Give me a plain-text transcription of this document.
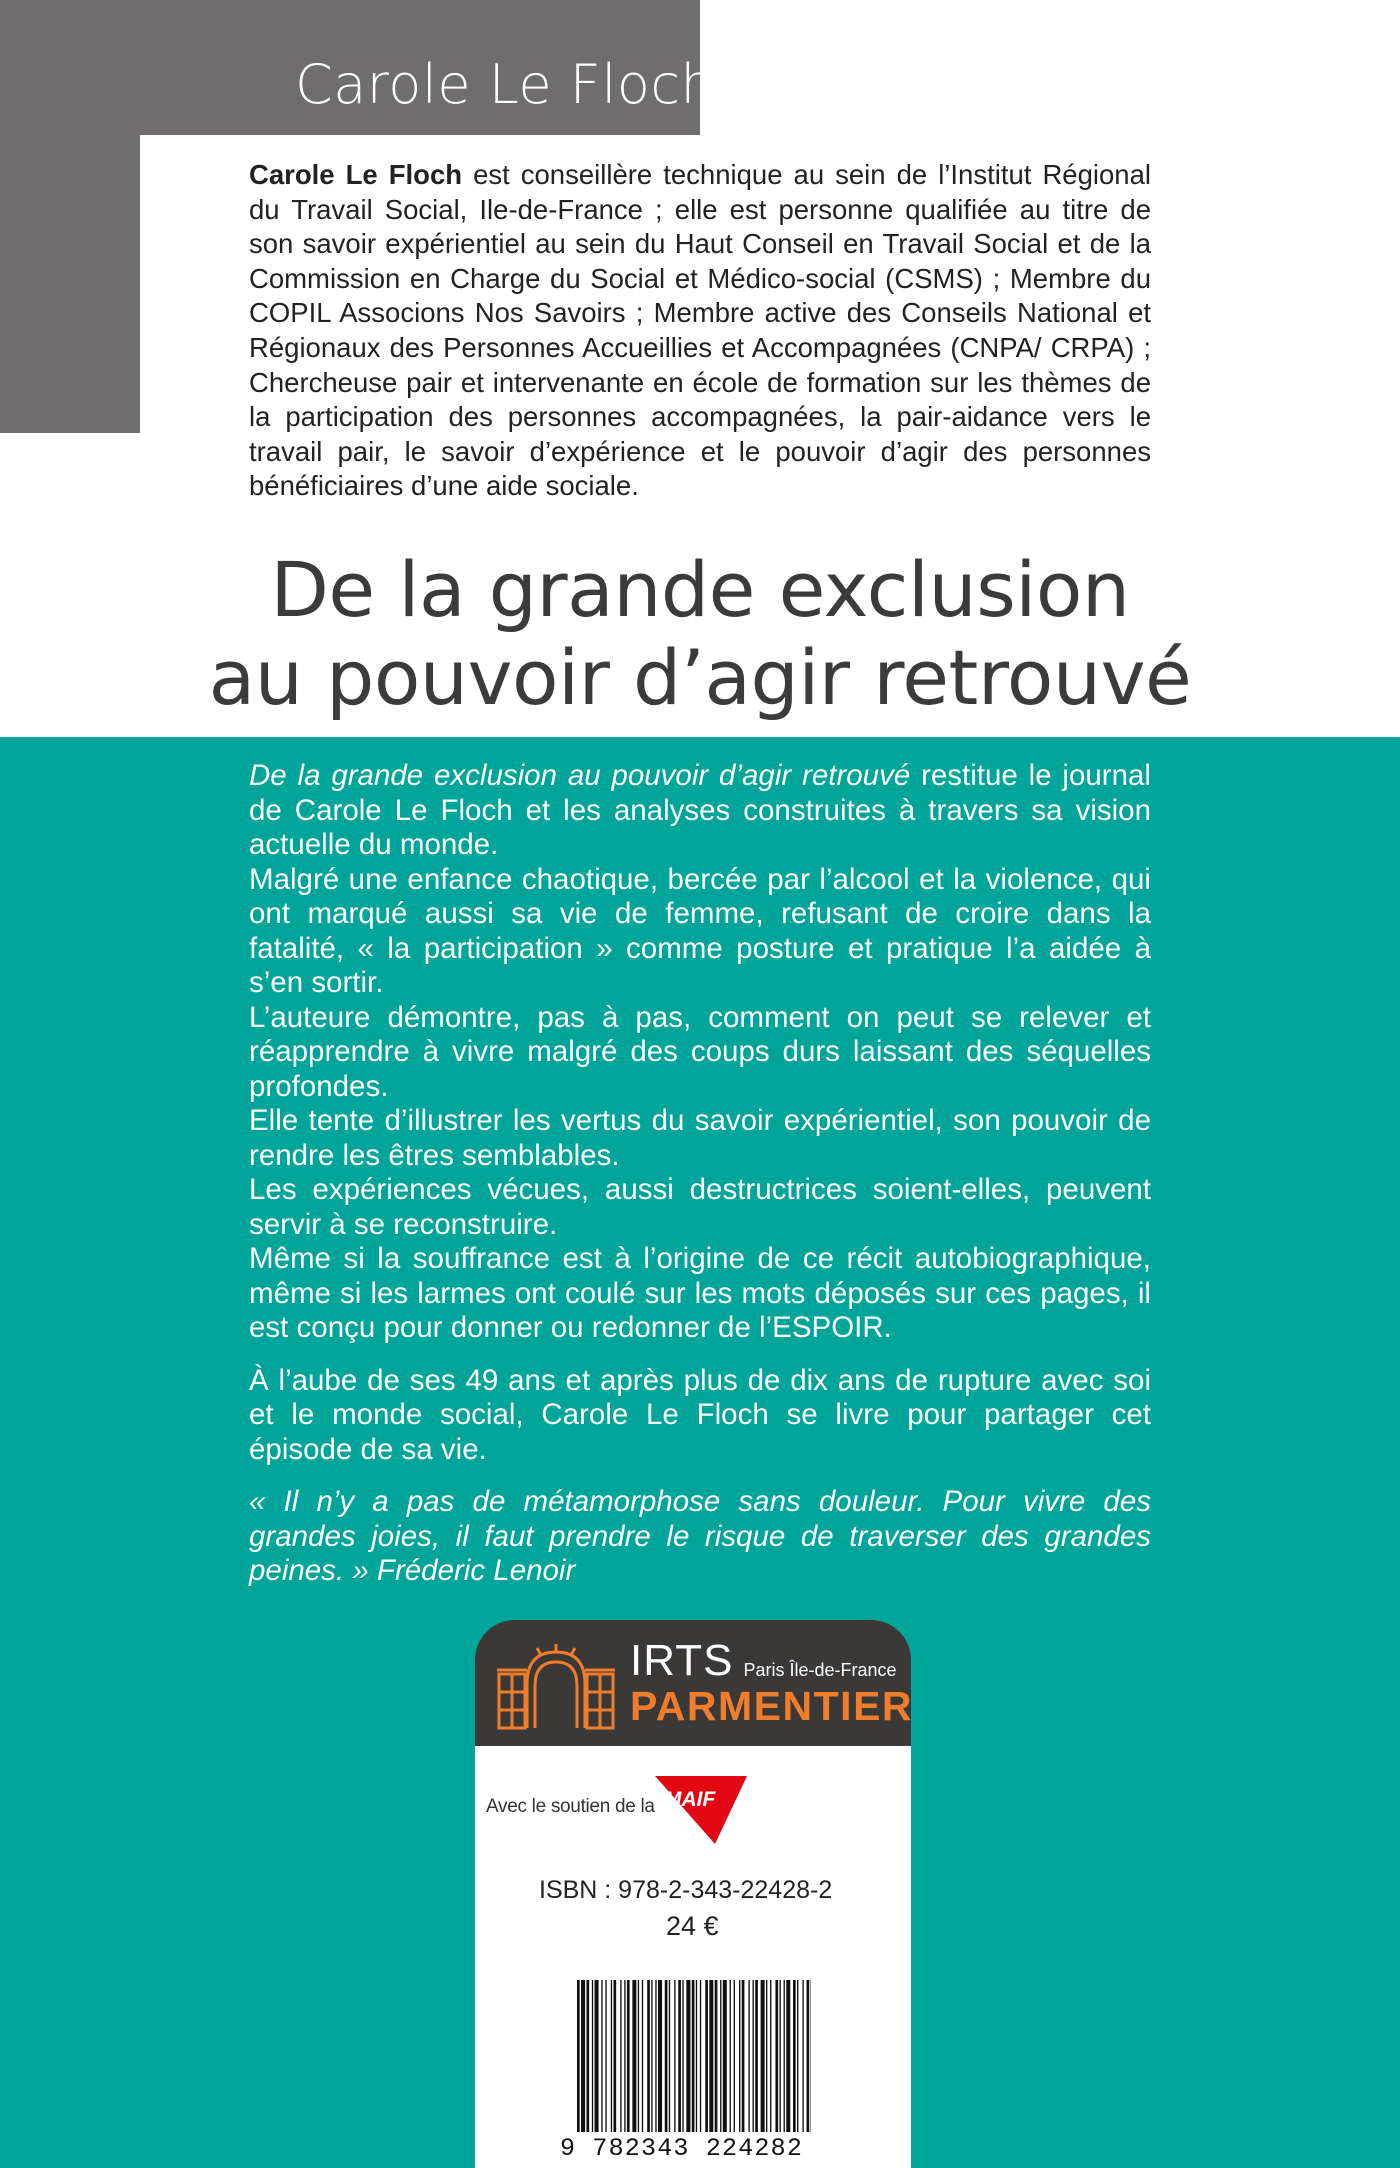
Carole Le Floch

Carole Le Floch est conseillère technique au sein de l’Institut Régional du Travail Social, Ile-de-France ; elle est personne qualifiée au titre de son savoir expérientiel au sein du Haut Conseil en Travail Social et de la Commission en Charge du Social et Médico-social (CSMS) ; Membre du COPIL Associons Nos Savoirs ; Membre active des Conseils National et Régionaux des Personnes Accueillies et Accompagnées (CNPA/ CRPA) ; Chercheuse pair et intervenante en école de formation sur les thèmes de la participation des personnes accompagnées, la pair-aidance vers le travail pair, le savoir d’expérience et le pouvoir d’agir des personnes bénéficiaires d’une aide sociale.

De la grande exclusion
au pouvoir d’agir retrouvé

De la grande exclusion au pouvoir d’agir retrouvé restitue le journal de Carole Le Floch et les analyses construites à travers sa vision actuelle du monde.

Malgré une enfance chaotique, bercée par l’alcool et la violence, qui ont marqué aussi sa vie de femme, refusant de croire dans la fatalité, « la participation » comme posture et pratique l’a aidée à s’en sortir.

L’auteure démontre, pas à pas, comment on peut se relever et réapprendre à vivre malgré des coups durs laissant des séquelles profondes.

Elle tente d’illustrer les vertus du savoir expérientiel, son pouvoir de rendre les êtres semblables.

Les expériences vécues, aussi destructrices soient-elles, peuvent servir à se reconstruire.

Même si la souffrance est à l’origine de ce récit autobiographique, même si les larmes ont coulé sur les mots déposés sur ces pages, il est conçu pour donner ou redonner de l’ESPOIR.

À l’aube de ses 49 ans et après plus de dix ans de rupture avec soi et le monde social, Carole Le Floch se livre pour partager cet épisode de sa vie.

« Il n’y a pas de métamorphose sans douleur. Pour vivre des grandes joies, il faut prendre le risque de traverser des grandes peines. » Fréderic Lenoir

IRTS Paris Île-de-France
PARMENTIER
Avec le soutien de la MAIF
ISBN : 978-2-343-22428-2
24 €
9 782343 224282
